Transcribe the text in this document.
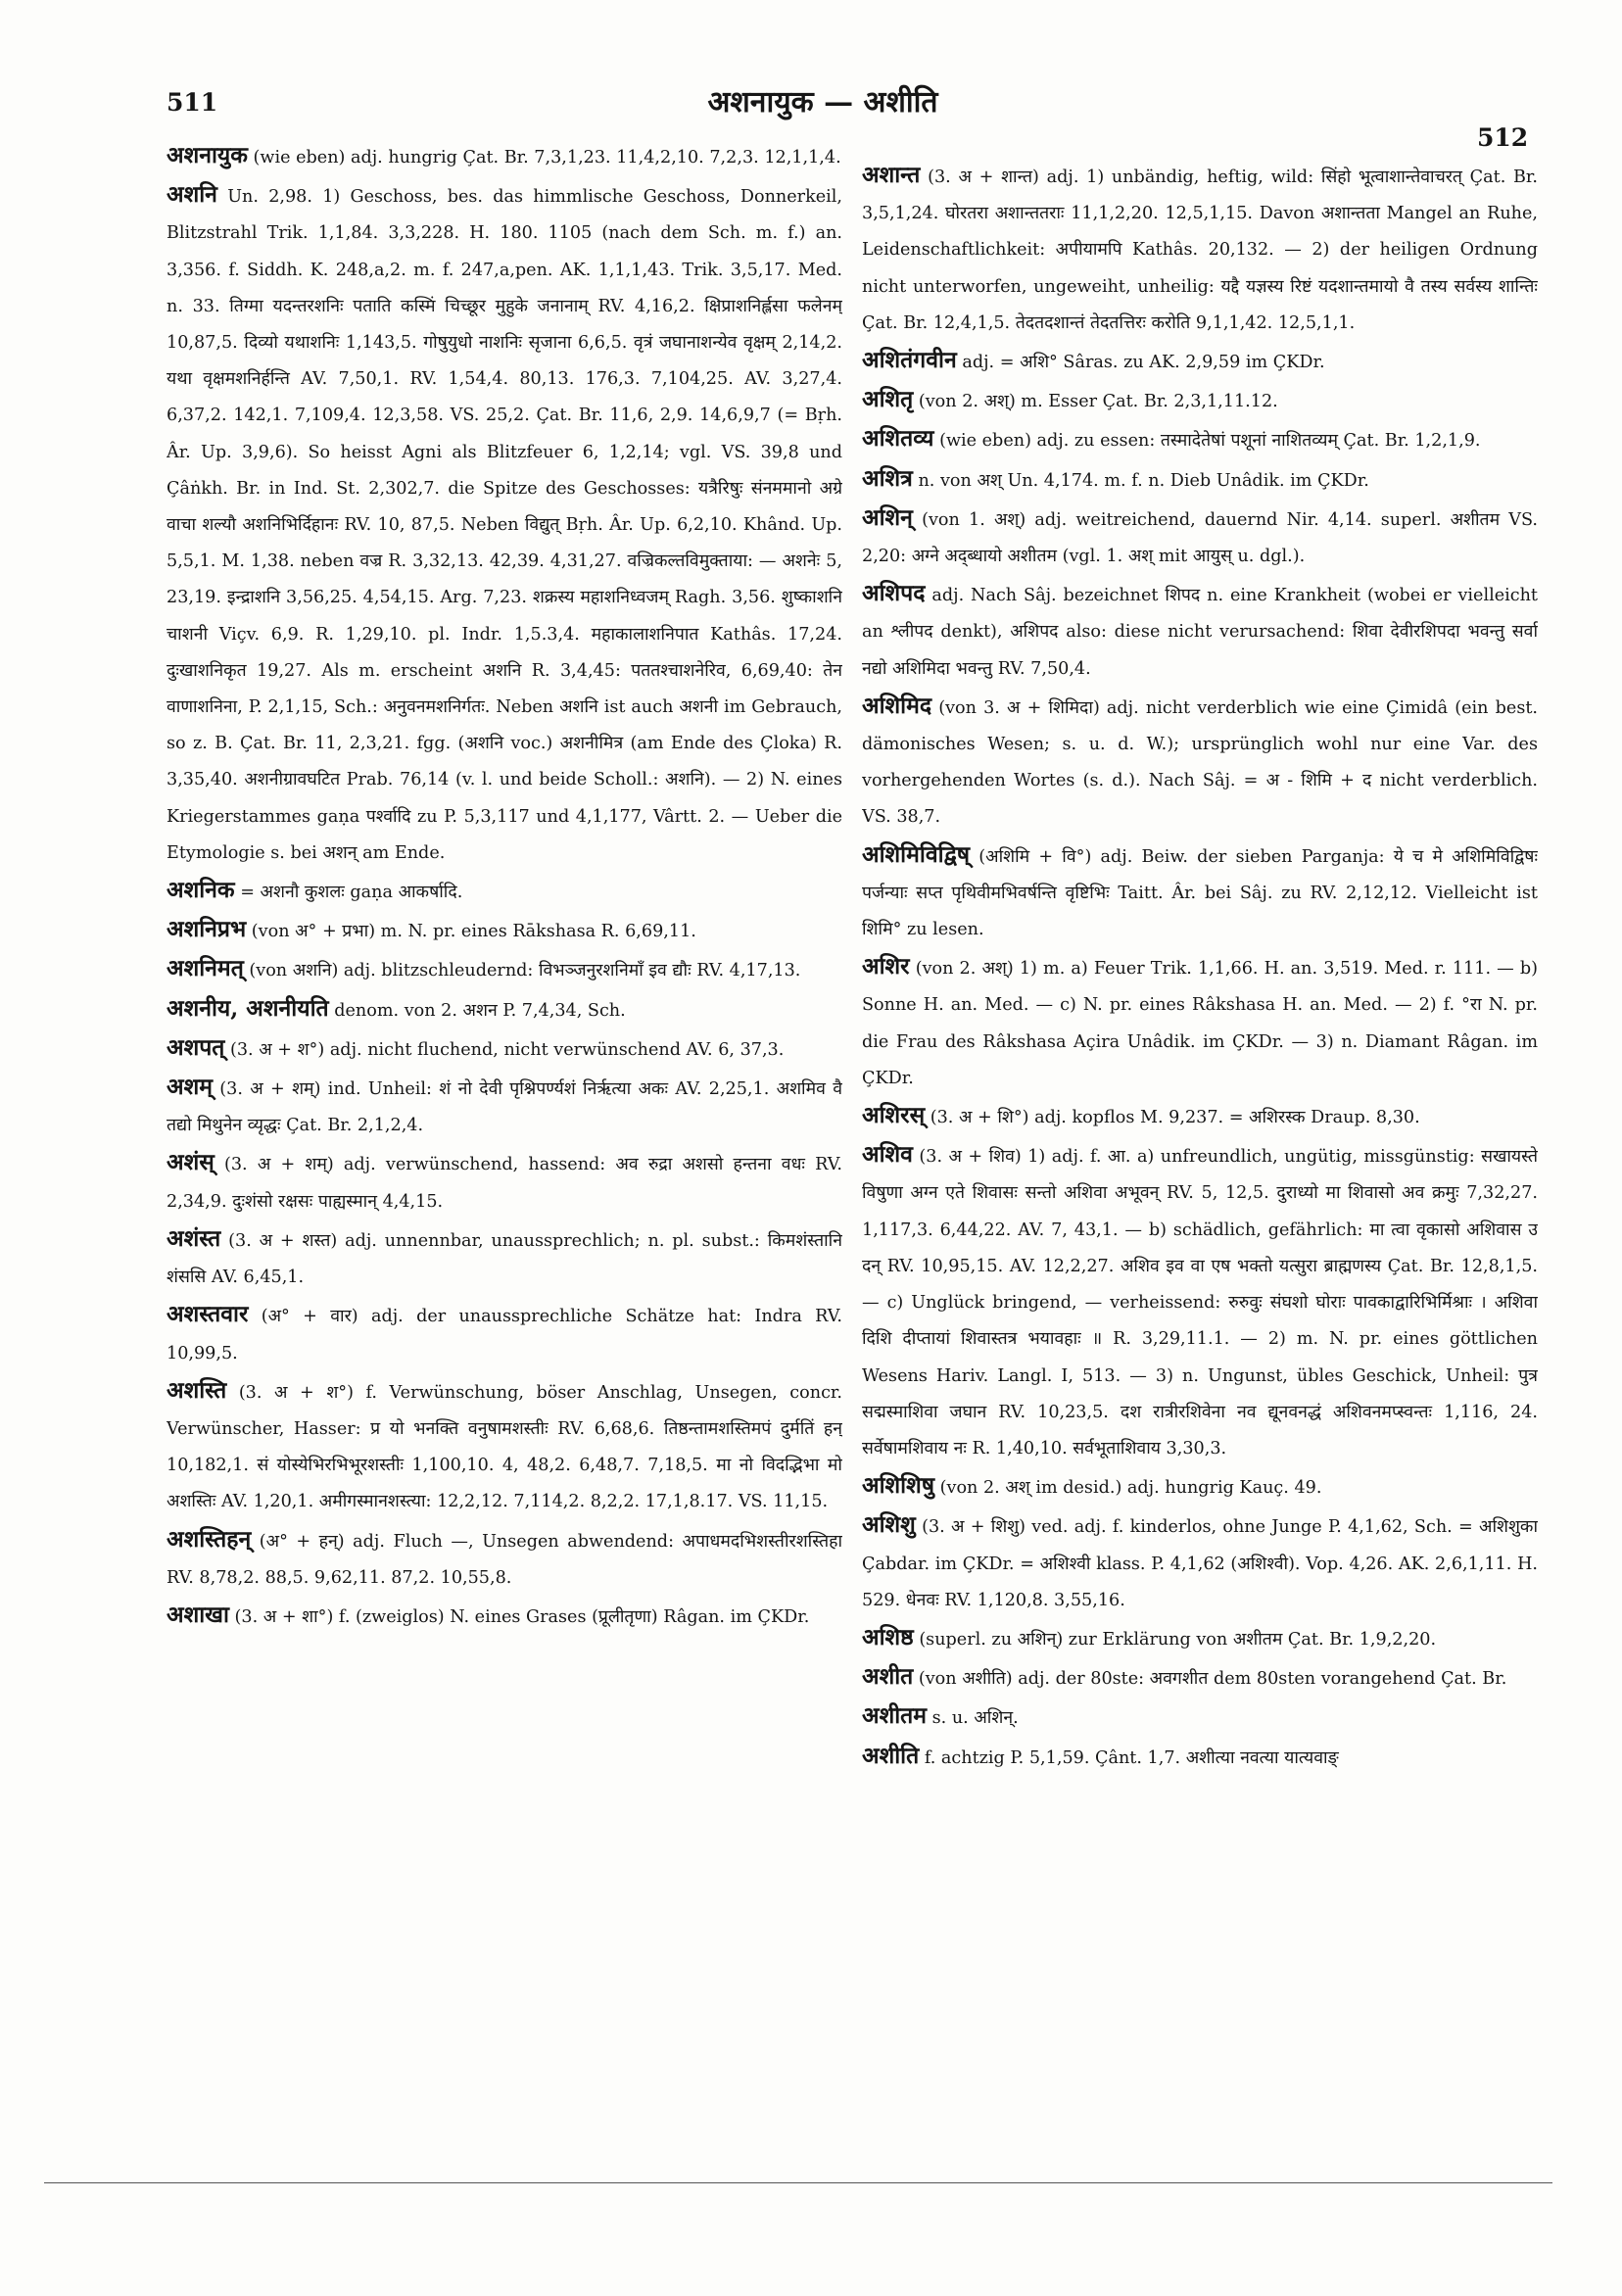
511	अशनायुक — अशीति
512

अशनायुक (wie eben) adj. hungrig Çat. Br. 7,3,1,23. 11,4,2,10. 7,2,3. 12,1,1,4.

अशनि Un. 2,98. 1) Geschoss, bes. das himmlische Geschoss, Donnerkeil, Blitzstrahl Trik. 1,1,84. 3,3,228. H. 180. 1105 (nach dem Sch. m. f.) an. 3,356. f. Siddh. K. 248,a,2. m. f. 247,a,pen. AK. 1,1,1,43. Trik. 3,5,17. Med. n. 33. तिग्मा यदन्तरशनिः पताति कस्मिं चिच्छूर मुहुके जनानाम् RV. 4,16,2. क्षिप्राशनिर्ह्लसा फलेनम् 10,87,5. दिव्यो यथाशनिः 1,143,5. गोषुयुधो नाशनिः सृजाना 6,6,5. वृत्रं जघानाशन्येव वृक्षम् 2,14,2. यथा वृक्षमशनिर्हन्ति AV. 7,50,1. RV. 1,54,4. 80,13. 176,3. 7,104,25. AV. 3,27,4. 6,37,2. 142,1. 7,109,4. 12,3,58. VS. 25,2. Çat. Br. 11,6, 2,9. 14,6,9,7 (= Bṛh. Âr. Up. 3,9,6). So heisst Agni als Blitzfeuer 6, 1,2,14; vgl. VS. 39,8 und Çâṅkh. Br. in Ind. St. 2,302,7. die Spitze des Geschosses: यत्रैरिषुः संनममानो अग्रे वाचा शल्यौ अशनिभिर्दिहानः RV. 10, 87,5. Neben विद्युत् Bṛh. Âr. Up. 6,2,10. Khând. Up. 5,5,1. M. 1,38. neben वज्र R. 3,32,13. 42,39. 4,31,27. वज्रिकल्तविमुक्ताया: — अशनेः 5, 23,19. इन्द्राशनि 3,56,25. 4,54,15. Arg. 7,23. शक्रस्य महाशनिध्वजम् Ragh. 3,56. शुष्काशनि चाशनी Viçv. 6,9. R. 1,29,10. pl. Indr. 1,5.3,4. महाकालाशनिपात Kathâs. 17,24. दुःखाशनिकृत 19,27. Als m. erscheint अशनि R. 3,4,45: पततश्चाशनेरिव, 6,69,40: तेन वाणाशनिना, P. 2,1,15, Sch.: अनुवनमशनिर्गतः. Neben अशनि ist auch अशनी im Gebrauch, so z. B. Çat. Br. 11, 2,3,21. fgg. (अशनि voc.) अशनीमित्र (am Ende des Çloka) R. 3,35,40. अशनीग्रावघटित Prab. 76,14 (v. l. und beide Scholl.: अशनि). — 2) N. eines Kriegerstammes gaṇa पर्श्वादि zu P. 5,3,117 und 4,1,177, Vârtt. 2. — Ueber die Etymologie s. bei अशन् am Ende.

अशनिक = अशनौ कुशलः gaṇa आकर्षादि.

अशनिप्रभ (von अ° + प्रभा) m. N. pr. eines Rākshasa R. 6,69,11.

अशनिमत् (von अशनि) adj. blitzschleudernd: विभञ्जनुरशनिमाँ इव द्यौः RV. 4,17,13.

अशनीय, अशनीयति denom. von 2. अशन P. 7,4,34, Sch.

अशपत् (3. अ + श°) adj. nicht fluchend, nicht verwünschend AV. 6, 37,3.

अशम् (3. अ + शम्) ind. Unheil: शं नो देवी पृश्निपर्ण्यशं निर्ऋत्या अकः AV. 2,25,1. अशमिव वै तद्यो मिथुनेन व्यृद्धः Çat. Br. 2,1,2,4.

अशंस् (3. अ + शम्) adj. verwünschend, hassend: अव रुद्रा अशसो हन्तना वधः RV. 2,34,9. दुःशंसो रक्षसः पाह्यस्मान् 4,4,15.

अशंस्त (3. अ + शस्त) adj. unnennbar, unaussprechlich; n. pl. subst.: किमशंस्तानि शंससि AV. 6,45,1.

अशस्तवार (अ° + वार) adj. der unaussprechliche Schätze hat: Indra RV. 10,99,5.

अशस्ति (3. अ + श°) f. Verwünschung, böser Anschlag, Unsegen, concr. Verwünscher, Hasser: प्र यो भनक्ति वनुषामशस्तीः RV. 6,68,6. तिष्ठन्तामशस्तिमपं दुर्मतिं हन् 10,182,1. सं योस्येभिरभिभूरशस्तीः 1,100,10. 4, 48,2. 6,48,7. 7,18,5. मा नो विदद्भिभा मो अशस्तिः AV. 1,20,1. अमीगस्मानशस्त्या: 12,2,12. 7,114,2. 8,2,2. 17,1,8.17. VS. 11,15.

अशस्तिहन् (अ° + हन्) adj. Fluch —, Unsegen abwendend: अपाधमदभिशस्तीरशस्तिहा RV. 8,78,2. 88,5. 9,62,11. 87,2. 10,55,8.

अशाखा (3. अ + शा°) f. (zweiglos) N. eines Grases (प्रूलीतृणा) Râgan. im ÇKDr.

अशान्त (3. अ + शान्त) adj. 1) unbändig, heftig, wild: सिंहो भूत्वाशान्तेवाचरत् Çat. Br. 3,5,1,24. घोरतरा अशान्ततराः 11,1,2,20. 12,5,1,15. Davon अशान्तता Mangel an Ruhe, Leidenschaftlichkeit: अपीयामपि Kathâs. 20,132. — 2) der heiligen Ordnung nicht unterworfen, ungeweiht, unheilig: यद्दै यज्ञस्य रिष्टं यदशान्तमायो वै तस्य सर्वस्य शान्तिः Çat. Br. 12,4,1,5. तेदतदशान्तं तेदतत्तिरः करोति 9,1,1,42. 12,5,1,1.

अशितंगवीन adj. = अशि° Sâras. zu AK. 2,9,59 im ÇKDr.

अशितृ (von 2. अश्) m. Esser Çat. Br. 2,3,1,11.12.

अशितव्य (wie eben) adj. zu essen: तस्मादेतेषां पशूनां नाशितव्यम् Çat. Br. 1,2,1,9.

अशित्र n. von अश् Un. 4,174. m. f. n. Dieb Unâdik. im ÇKDr.

अशिन् (von 1. अश्) adj. weitreichend, dauernd Nir. 4,14. superl. अशीतम VS. 2,20: अग्ने अद्ब्धायो अशीतम (vgl. 1. अश् mit आयुस् u. dgl.).

अशिपद adj. Nach Sâj. bezeichnet शिपद n. eine Krankheit (wobei er vielleicht an श्लीपद denkt), अशिपद also: diese nicht verursachend: शिवा देवीरशिपदा भवन्तु सर्वा नद्यो अशिमिदा भवन्तु RV. 7,50,4.

अशिमिद (von 3. अ + शिमिदा) adj. nicht verderblich wie eine Çimidâ (ein best. dämonisches Wesen; s. u. d. W.); ursprünglich wohl nur eine Var. des vorhergehenden Wortes (s. d.). Nach Sâj. = अ - शिमि + द nicht verderblich. VS. 38,7.

अशिमिविद्विष् (अशिमि + वि°) adj. Beiw. der sieben Parganja: ये च मे अशिमिविद्विषः पर्जन्याः सप्त पृथिवीमभिवर्षन्ति वृष्टिभिः Taitt. Âr. bei Sâj. zu RV. 2,12,12. Vielleicht ist शिमि° zu lesen.

अशिर (von 2. अश्) 1) m. a) Feuer Trik. 1,1,66. H. an. 3,519. Med. r. 111. — b) Sonne H. an. Med. — c) N. pr. eines Râkshasa H. an. Med. — 2) f. °रा N. pr. die Frau des Râkshasa Açira Unâdik. im ÇKDr. — 3) n. Diamant Râgan. im ÇKDr.

अशिरस् (3. अ + शि°) adj. kopflos M. 9,237. = अशिरस्क Draup. 8,30.

अशिव (3. अ + शिव) 1) adj. f. आ. a) unfreundlich, ungütig, missgünstig: सखायस्ते विषुणा अग्न एते शिवासः सन्तो अशिवा अभूवन् RV. 5, 12,5. दुराध्यो मा शिवासो अव क्रमुः 7,32,27. 1,117,3. 6,44,22. AV. 7, 43,1. — b) schädlich, gefährlich: मा त्वा वृकासो अशिवास उ दन् RV. 10,95,15. AV. 12,2,27. अशिव इव वा एष भक्तो यत्सुरा ब्राह्मणस्य Çat. Br. 12,8,1,5. — c) Unglück bringend, — verheissend: रुरुवुः संघशो घोराः पावकाद्वारिभिर्मिश्राः । अशिवा दिशि दीप्तायां शिवास्तत्र भयावहाः ॥ R. 3,29,11.1. — 2) m. N. pr. eines göttlichen Wesens Hariv. Langl. I, 513. — 3) n. Ungunst, übles Geschick, Unheil: पुत्र सद्मस्माशिवा जघान RV. 10,23,5. दश रात्रीरशिवेना नव द्यूनवनद्धं अशिवनमप्स्वन्तः 1,116, 24. सर्वेषामशिवाय नः R. 1,40,10. सर्वभूताशिवाय 3,30,3.

अशिशिषु (von 2. अश् im desid.) adj. hungrig Kauç. 49.

अशिशु (3. अ + शिशु) ved. adj. f. kinderlos, ohne Junge P. 4,1,62, Sch. = अशिशुका Çabdar. im ÇKDr. = अशिश्वी klass. P. 4,1,62 (अशिश्वी). Vop. 4,26. AK. 2,6,1,11. H. 529. धेनवः RV. 1,120,8. 3,55,16.

अशिष्ठ (superl. zu अशिन्) zur Erklärung von अशीतम Çat. Br. 1,9,2,20.

अशीत (von अशीति) adj. der 80ste: अवगशीत dem 80sten vorangehend Çat. Br.

अशीतम s. u. अशिन्.

अशीति f. achtzig P. 5,1,59. Çânt. 1,7. अशीत्या नवत्या यात्यवाङ्
